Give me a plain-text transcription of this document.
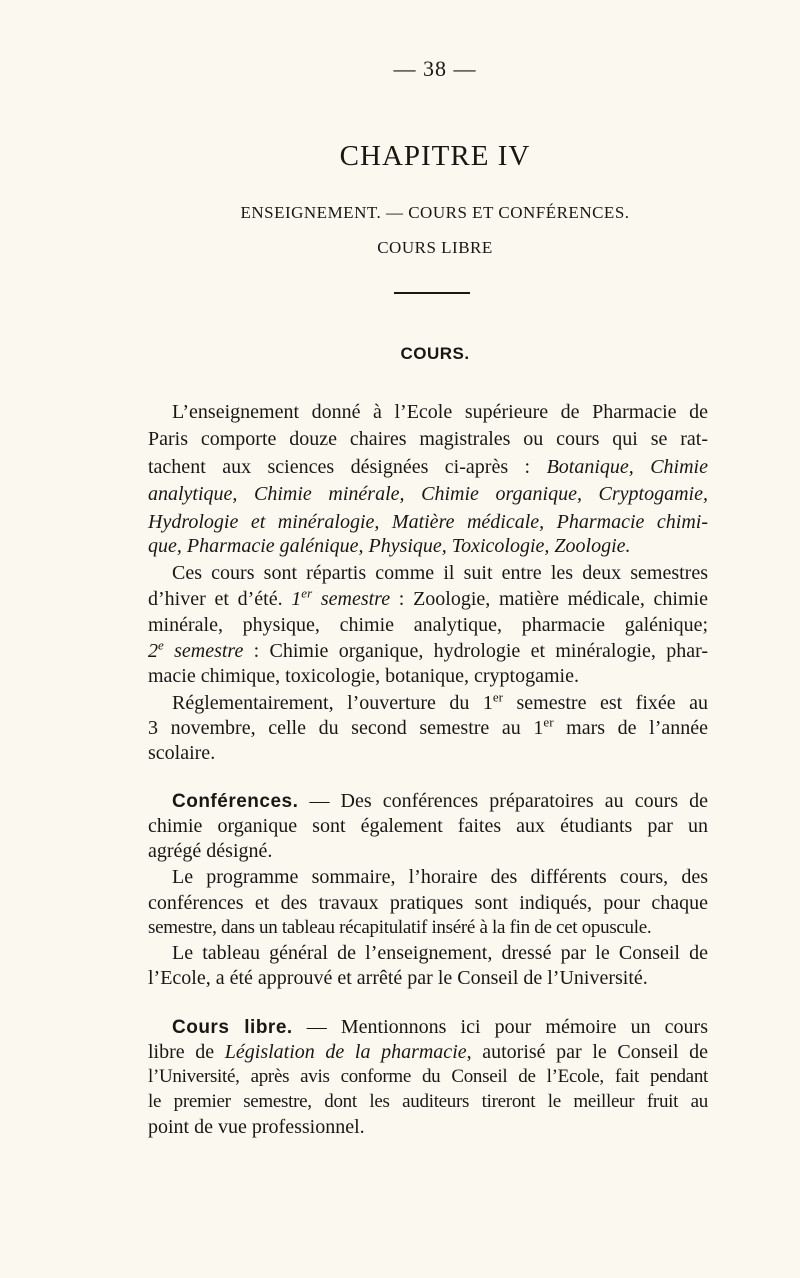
— 38 —
CHAPITRE IV
ENSEIGNEMENT. — COURS ET CONFÉRENCES.
COURS LIBRE
COURS.
L’enseignement donné à l’Ecole supérieure de Pharmacie de
Paris comporte douze chaires magistrales ou cours qui se rat-
tachent aux sciences désignées ci-après : Botanique, Chimie
analytique, Chimie minérale, Chimie organique, Cryptogamie,
Hydrologie et minéralogie, Matière médicale, Pharmacie chimi-
que, Pharmacie galénique, Physique, Toxicologie, Zoologie.
Ces cours sont répartis comme il suit entre les deux semestres
d’hiver et d’été. 1er semestre : Zoologie, matière médicale, chimie
minérale, physique, chimie analytique, pharmacie galénique;
2e semestre : Chimie organique, hydrologie et minéralogie, phar-
macie chimique, toxicologie, botanique, cryptogamie.
Réglementairement, l’ouverture du 1er semestre est fixée au
3 novembre, celle du second semestre au 1er mars de l’année
scolaire.
Conférences. — Des conférences préparatoires au cours de
chimie organique sont également faites aux étudiants par un
agrégé désigné.
Le programme sommaire, l’horaire des différents cours, des
conférences et des travaux pratiques sont indiqués, pour chaque
semestre, dans un tableau récapitulatif inséré à la fin de cet opuscule.
Le tableau général de l’enseignement, dressé par le Conseil de
l’Ecole, a été approuvé et arrêté par le Conseil de l’Université.
Cours libre. — Mentionnons ici pour mémoire un cours
libre de Législation de la pharmacie, autorisé par le Conseil de
l’Université, après avis conforme du Conseil de l’Ecole, fait pendant
le premier semestre, dont les auditeurs tireront le meilleur fruit au
point de vue professionnel.
